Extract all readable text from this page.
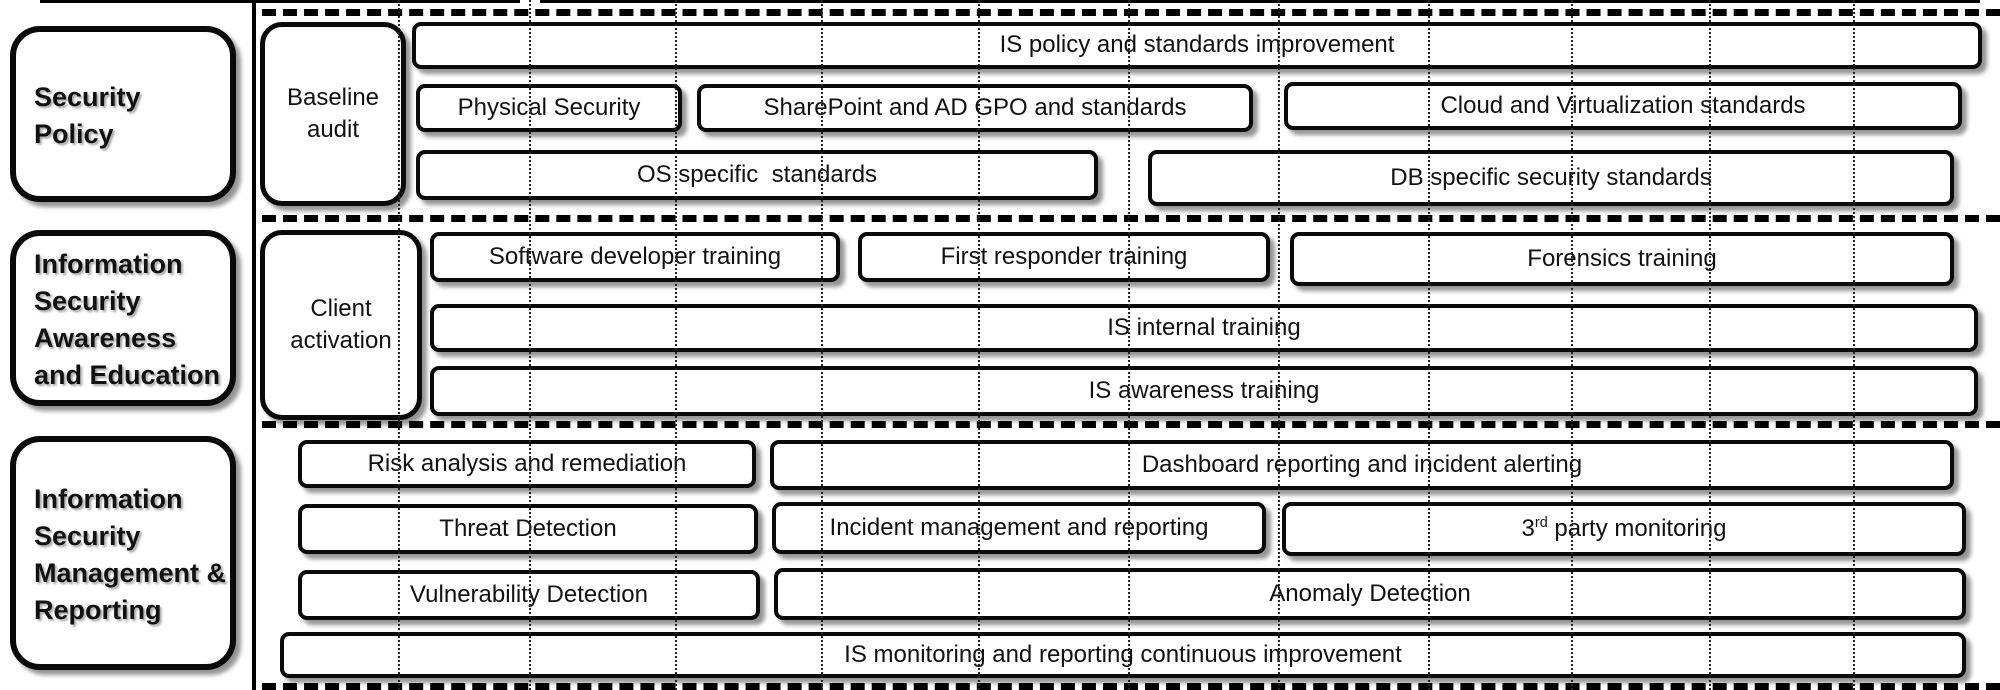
Security Policy
Information Security Awareness and Education
Information Security Management & Reporting
Baseline audit
Client activation
IS policy and standards improvement
Physical Security	SharePoint and AD GPO and standards	Cloud and Virtualization standards
OS specific  standards	DB specific security standards
Software developer training	First responder training	Forensics training
IS internal training
IS awareness training
Risk analysis and remediation	Dashboard reporting and incident alerting
Threat Detection	Incident management and reporting	3rd party monitoring
Vulnerability Detection	Anomaly Detection
IS monitoring and reporting continuous improvement
